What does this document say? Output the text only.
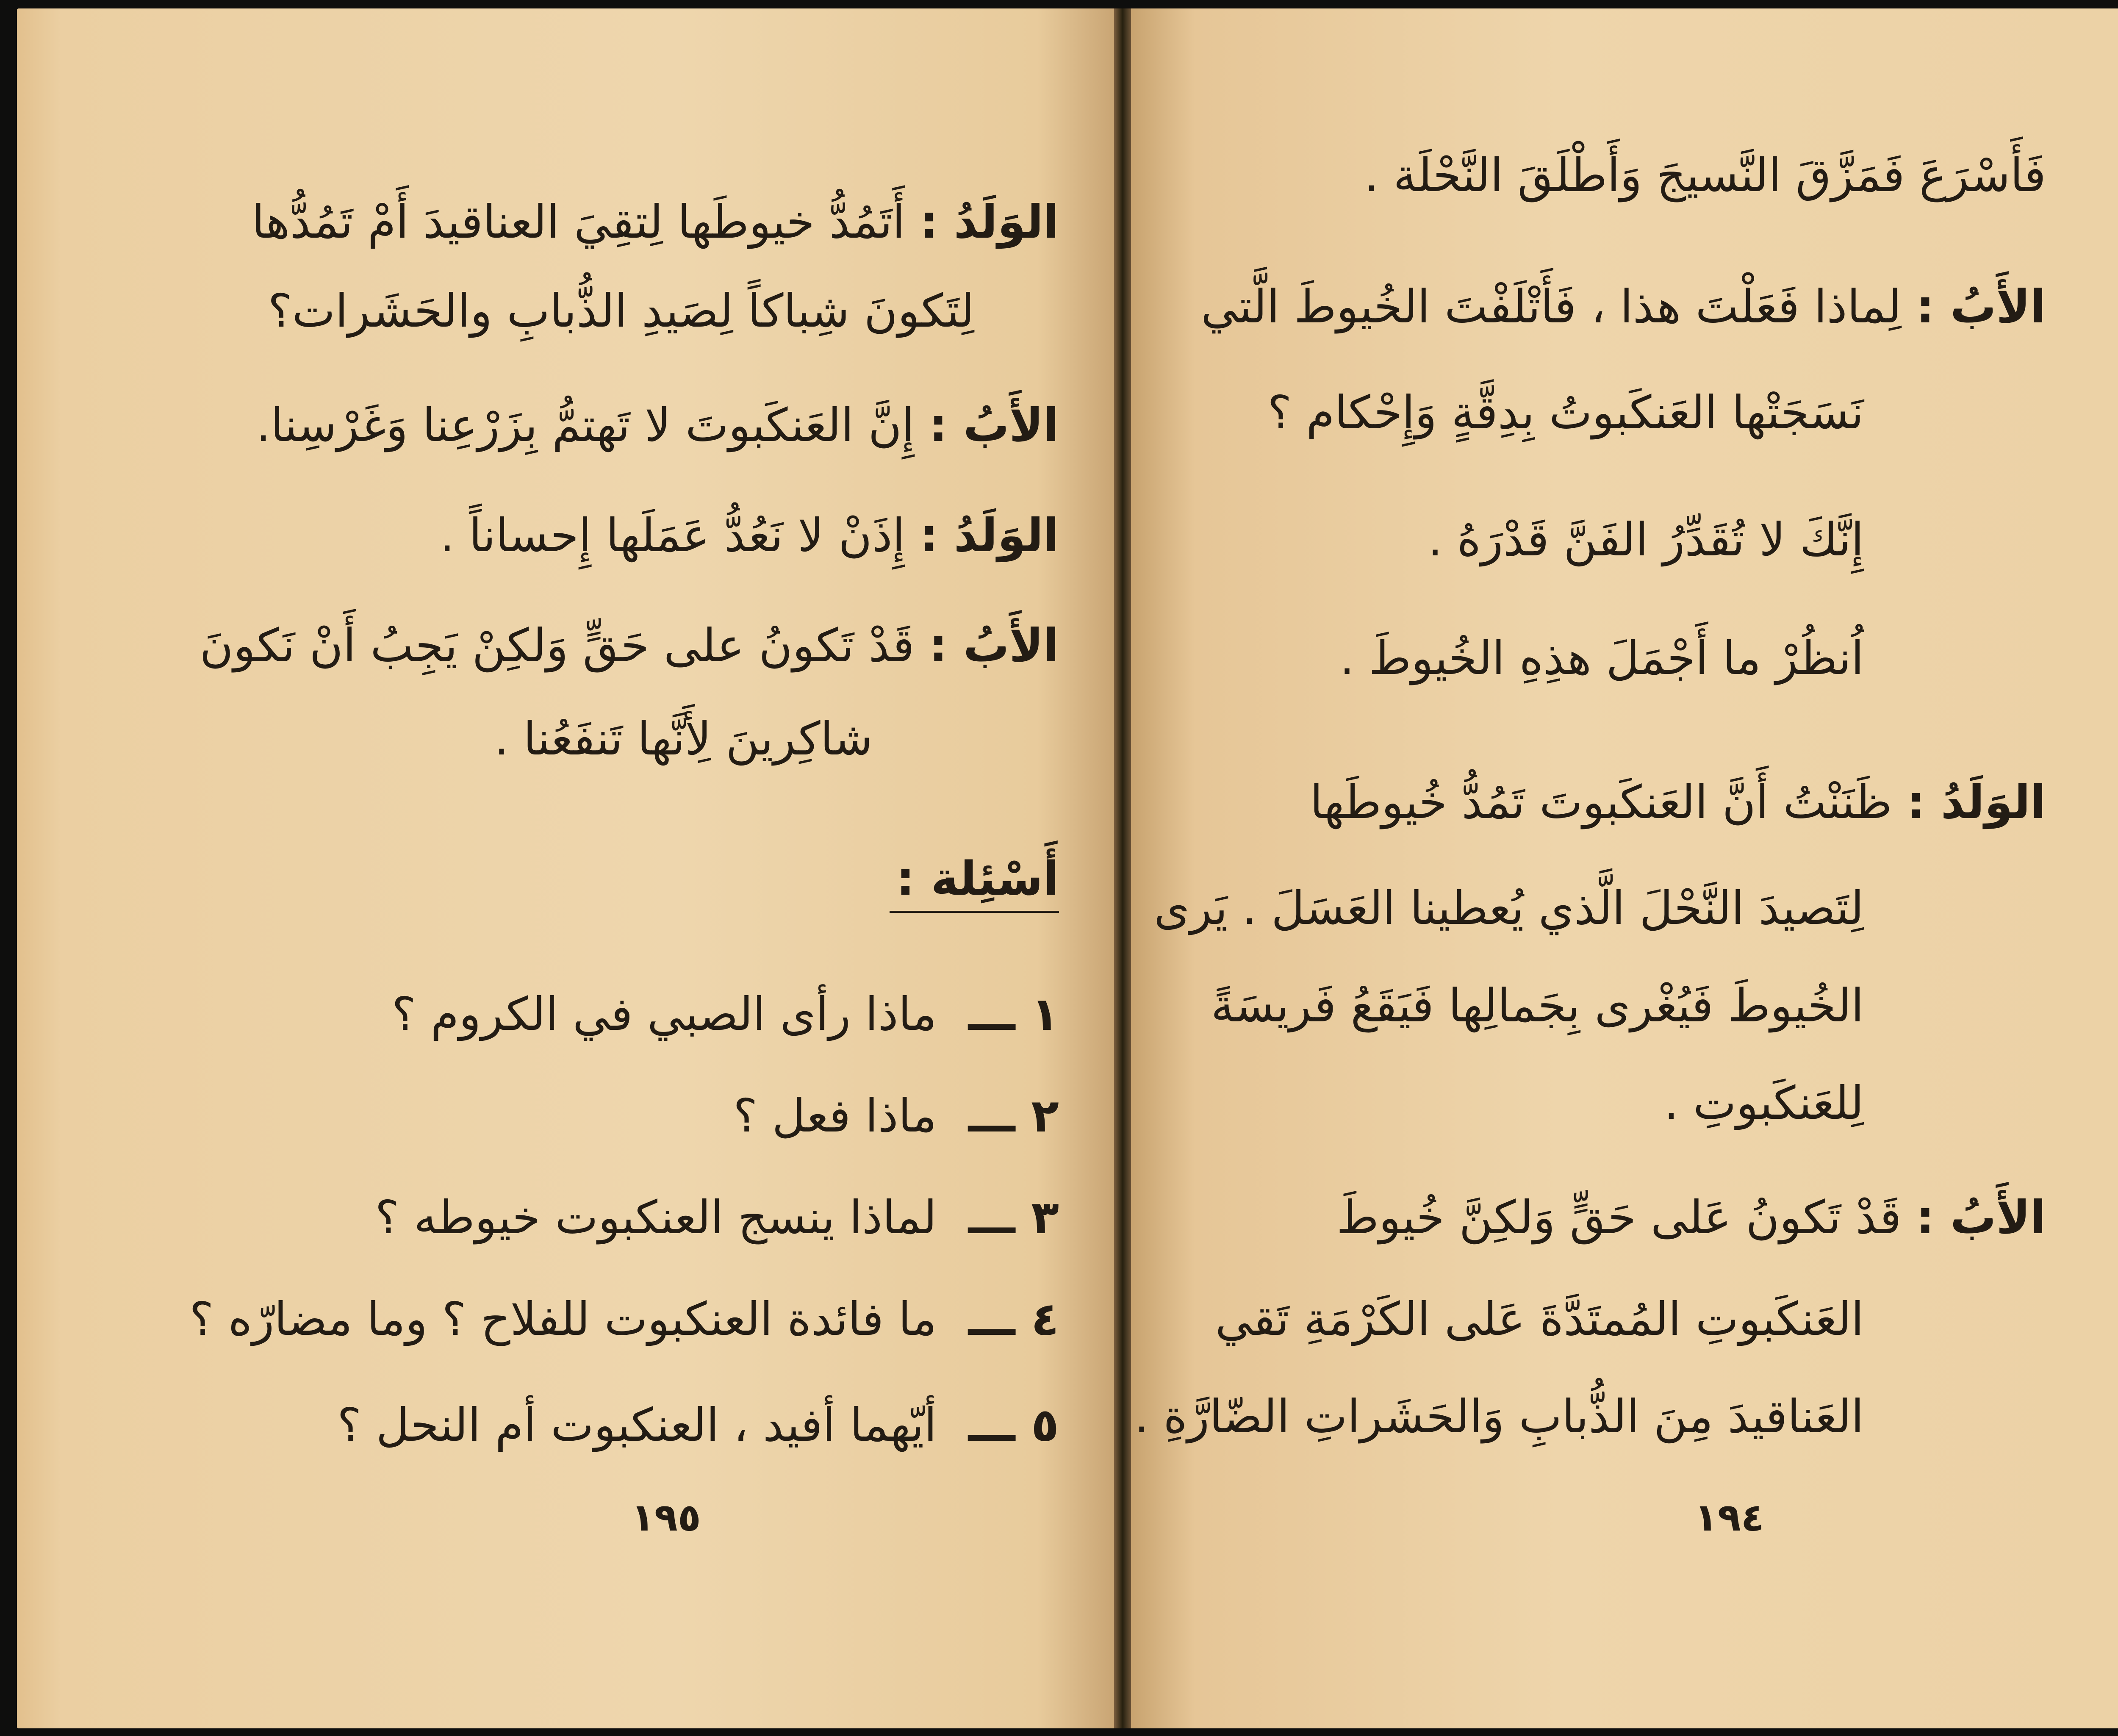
الوَلَدُ : أَتَمُدُّ خيوطَها لِتقِيَ العناقيدَ أَمْ تَمُدُّها
لِتَكونَ شِباكاً لِصَيدِ الذُّبابِ والحَشَرات؟
الأَبُ : إِنَّ العَنكَبوتَ لا تَهتمُّ بِزَرْعِنا وَغَرْسِنا.
الوَلَدُ : إِذَنْ لا نَعُدُّ عَمَلَها إِحساناً .
الأَبُ : قَدْ تَكونُ على حَقٍّ وَلكِنْ يَجِبُ أَنْ نَكونَ
شاكِرينَ لِأَنَّها تَنفَعُنا .
أَسْئِلة :
١ ـــ ماذا رأى الصبي في الكروم ؟
٢ ـــ ماذا فعل ؟
٣ ـــ لماذا ينسج العنكبوت خيوطه ؟
٤ ـــ ما فائدة العنكبوت للفلاح ؟ وما مضارّه ؟
٥ ـــ أيّهما أفيد ، العنكبوت أم النحل ؟
١٩٥
فَأَسْرَعَ فَمَزَّقَ النَّسيجَ وَأَطْلَقَ النَّحْلَة .
الأَبُ : لِماذا فَعَلْتَ هذا ، فَأَتْلَفْتَ الخُيوطَ الَّتي
نَسَجَتْها العَنكَبوتُ بِدِقَّةٍ وَإِحْكام ؟
إِنَّكَ لا تُقَدِّرُ الفَنَّ قَدْرَهُ .
اُنظُرْ ما أَجْمَلَ هذِهِ الخُيوطَ .
الوَلَدُ : ظَنَنْتُ أَنَّ العَنكَبوتَ تَمُدُّ خُيوطَها
لِتَصيدَ النَّحْلَ الَّذي يُعطينا العَسَلَ . يَرى
الخُيوطَ فَيُغْرى بِجَمالِها فَيَقَعُ فَريسَةً
لِلعَنكَبوتِ .
الأَبُ : قَدْ تَكونُ عَلى حَقٍّ وَلكِنَّ خُيوطَ
العَنكَبوتِ المُمتَدَّةَ عَلى الكَرْمَةِ تَقي
العَناقيدَ مِنَ الذُّبابِ وَالحَشَراتِ الضّارَّةِ .
١٩٤
